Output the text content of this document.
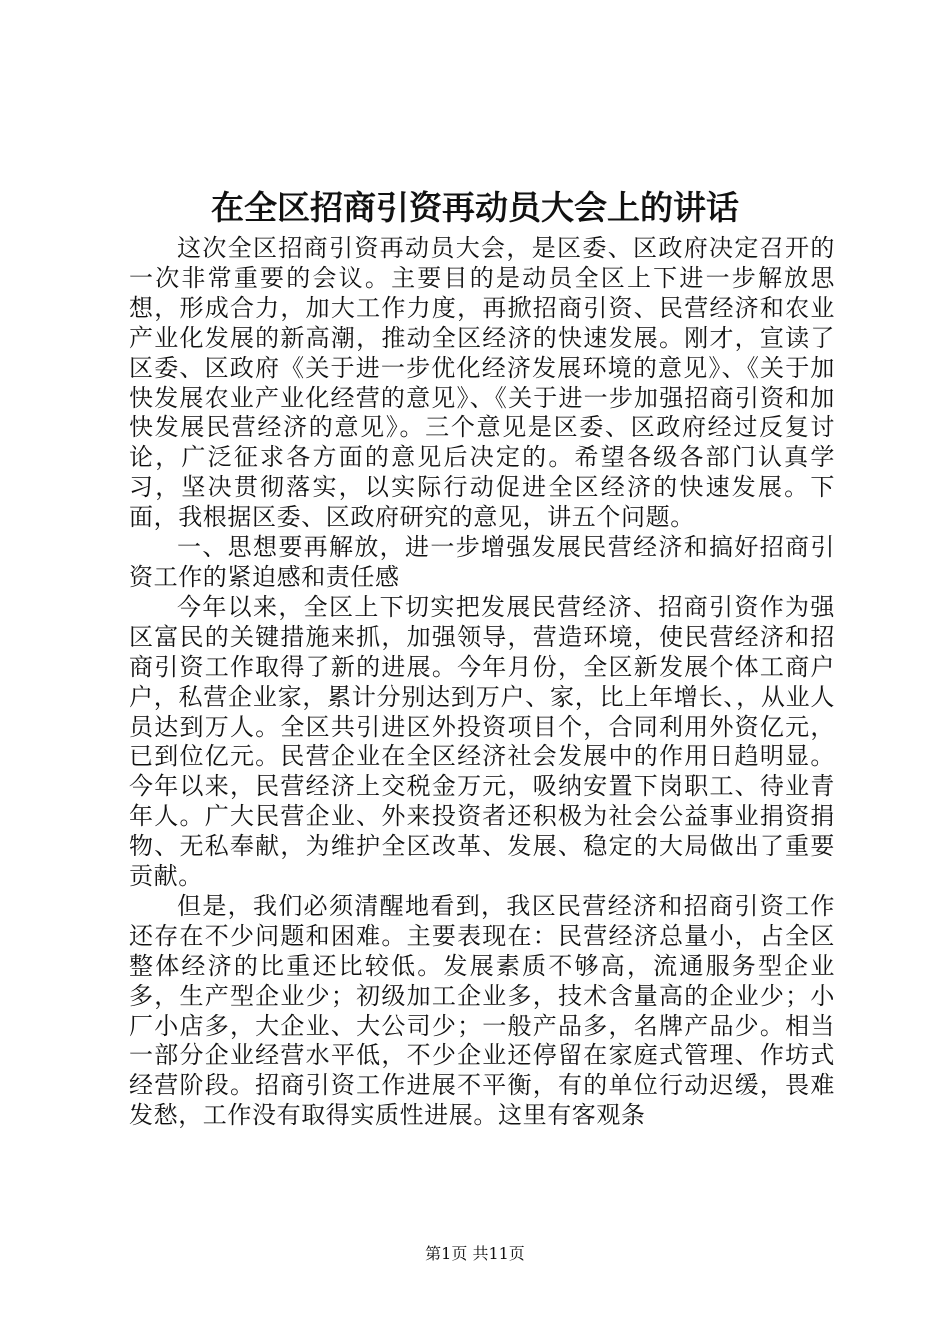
在全区招商引资再动员大会上的讲话

这次全区招商引资再动员大会，是区委、区政府决定召开的一次非常重要的会议。主要目的是动员全区上下进一步解放思想，形成合力，加大工作力度，再掀招商引资、民营经济和农业产业化发展的新高潮，推动全区经济的快速发展。刚才，宣读了区委、区政府《关于进一步优化经济发展环境的意见》、《关于加快发展农业产业化经营的意见》、《关于进一步加强招商引资和加快发展民营经济的意见》。三个意见是区委、区政府经过反复讨论，广泛征求各方面的意见后决定的。希望各级各部门认真学习，坚决贯彻落实，以实际行动促进全区经济的快速发展。下面，我根据区委、区政府研究的意见，讲五个问题。

一、思想要再解放，进一步增强发展民营经济和搞好招商引资工作的紧迫感和责任感

今年以来，全区上下切实把发展民营经济、招商引资作为强区富民的关键措施来抓，加强领导，营造环境，使民营经济和招商引资工作取得了新的进展。今年月份，全区新发展个体工商户户，私营企业家，累计分别达到万户、家，比上年增长、，从业人员达到万人。全区共引进区外投资项目个，合同利用外资亿元，已到位亿元。民营企业在全区经济社会发展中的作用日趋明显。今年以来，民营经济上交税金万元，吸纳安置下岗职工、待业青年人。广大民营企业、外来投资者还积极为社会公益事业捐资捐物、无私奉献，为维护全区改革、发展、稳定的大局做出了重要贡献。

但是，我们必须清醒地看到，我区民营经济和招商引资工作还存在不少问题和困难。主要表现在：民营经济总量小，占全区整体经济的比重还比较低。发展素质不够高，流通服务型企业多，生产型企业少；初级加工企业多，技术含量高的企业少；小厂小店多，大企业、大公司少；一般产品多，名牌产品少。相当一部分企业经营水平低，不少企业还停留在家庭式管理、作坊式经营阶段。招商引资工作进展不平衡，有的单位行动迟缓，畏难发愁，工作没有取得实质性进展。这里有客观条

第1页 共11页
